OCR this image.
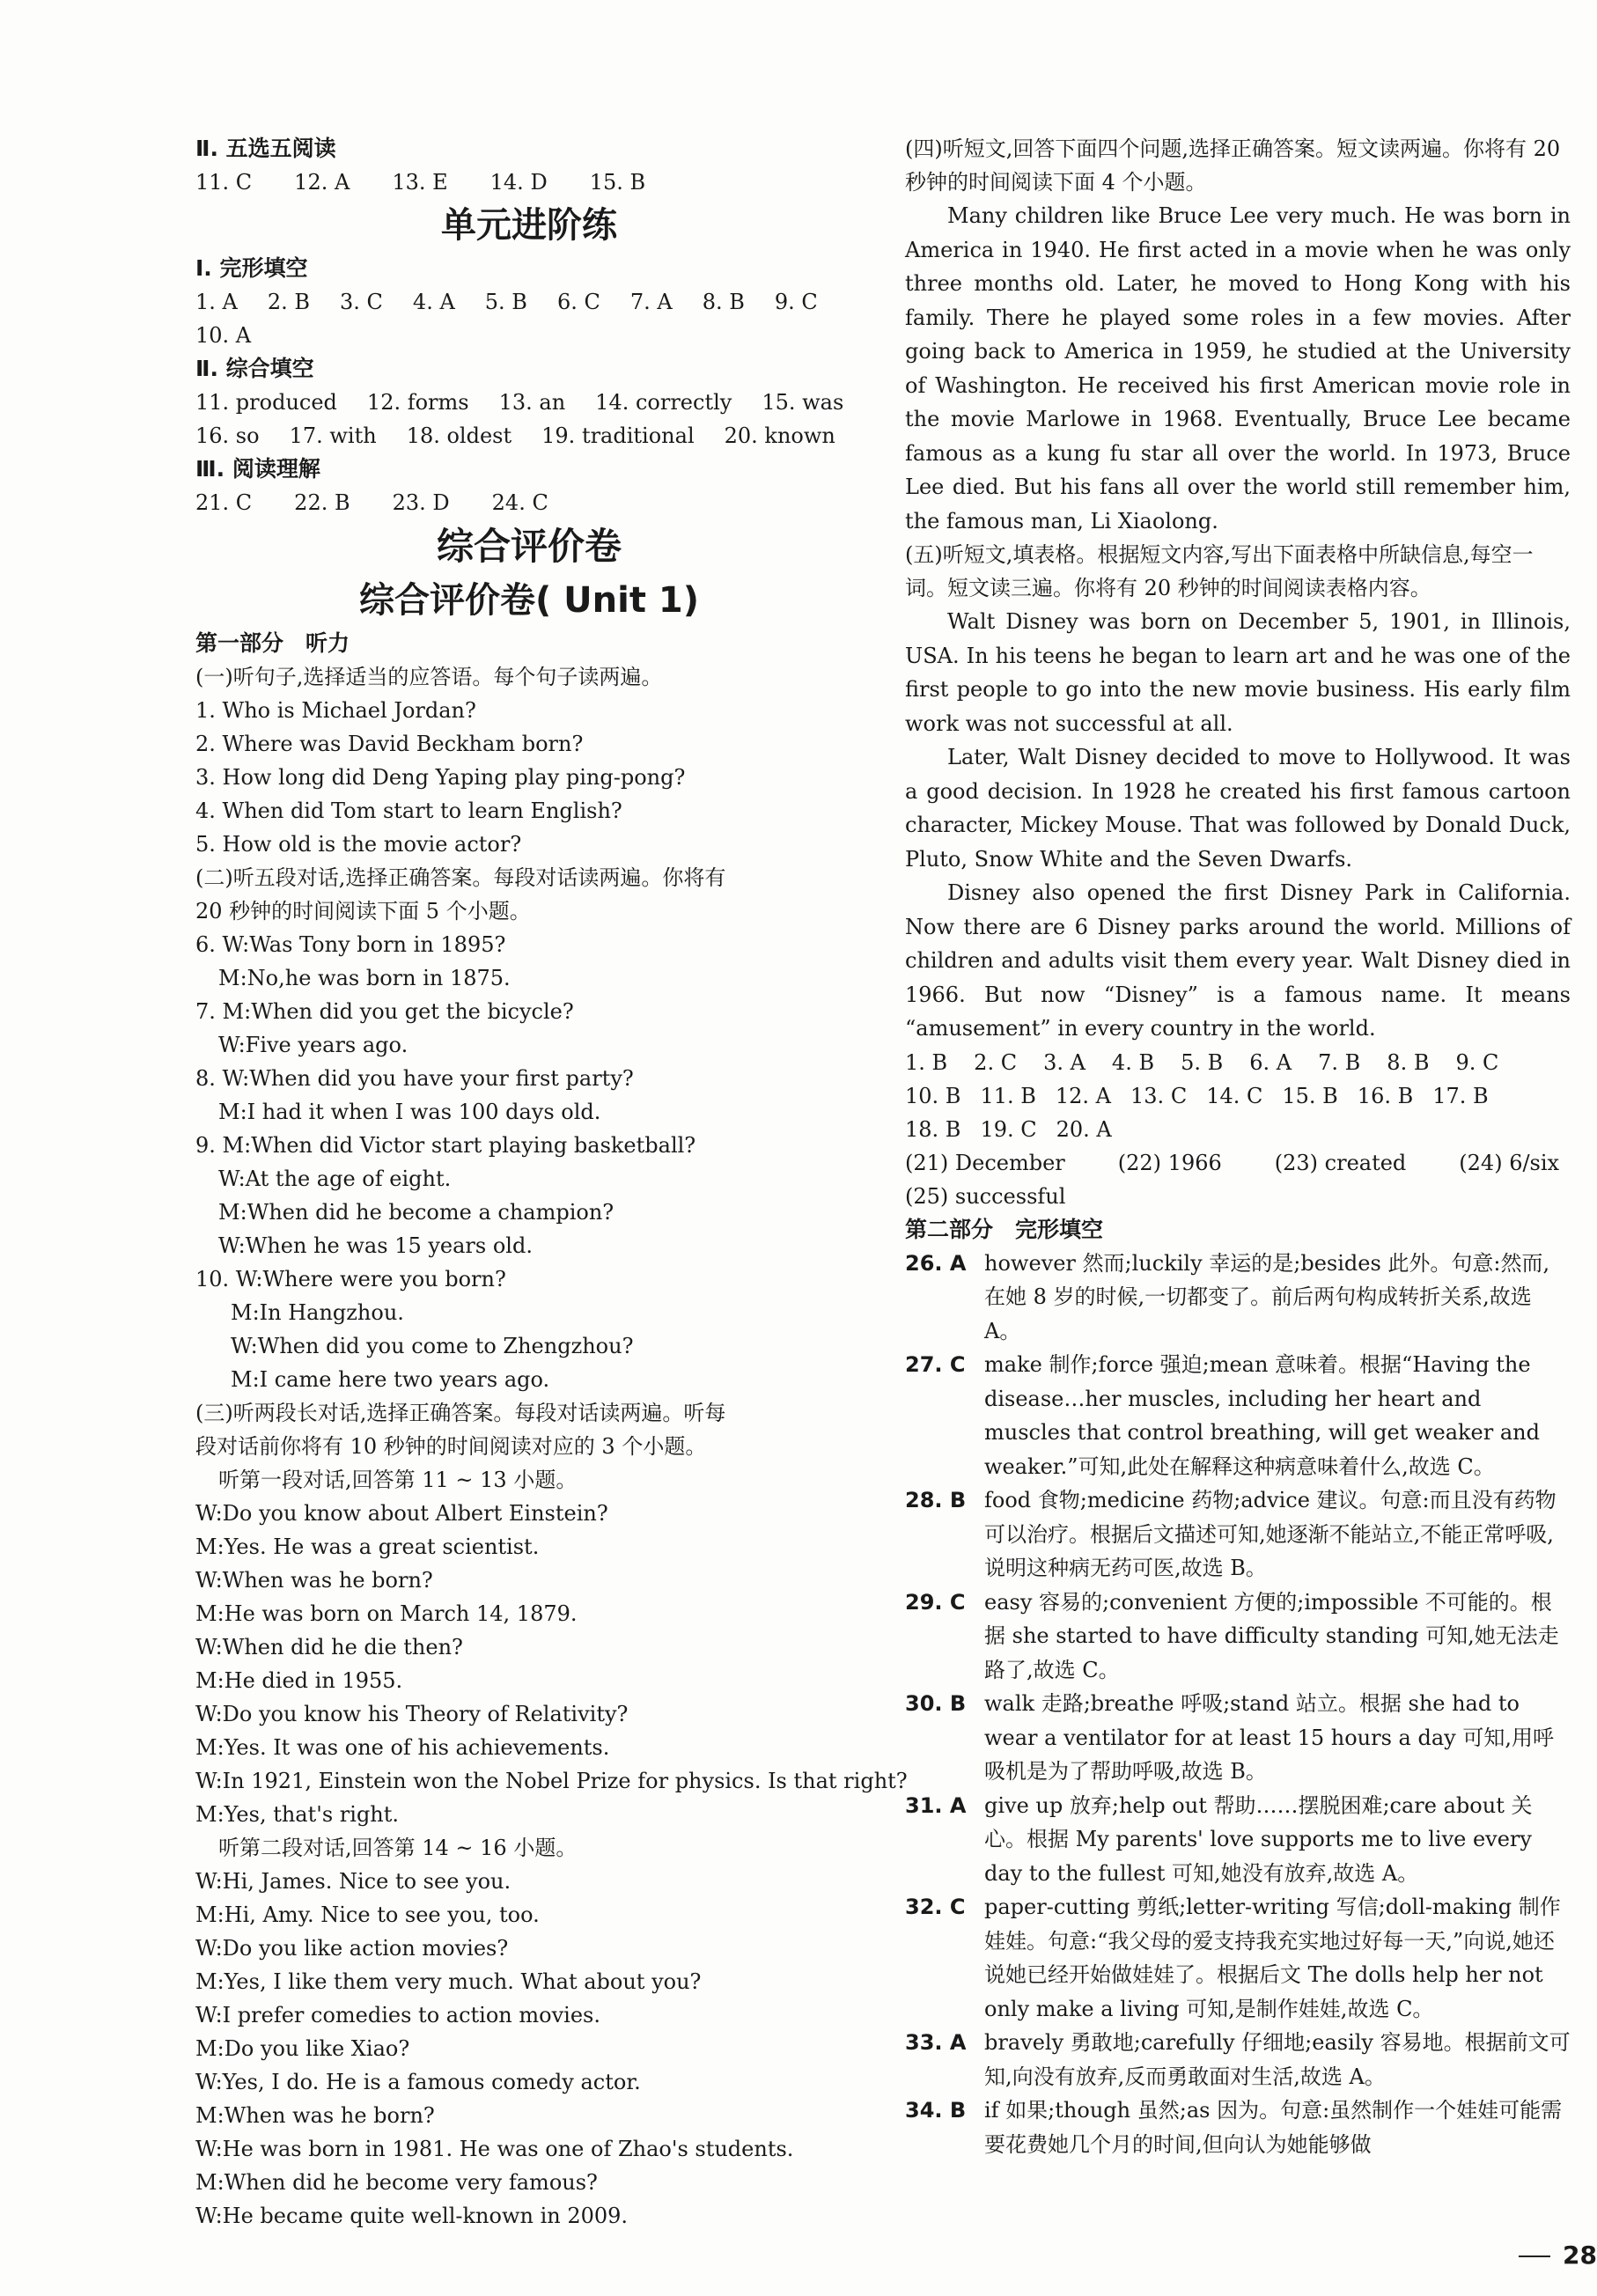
Ⅱ. 五选五阅读
11. C 12. A 13. E 14. D 15. B
单元进阶练
Ⅰ. 完形填空
1. A 2. B 3. C 4. A 5. B 6. C 7. A 8. B 9. C
10. A
Ⅱ. 综合填空
11. produced 12. forms 13. an 14. correctly 15. was
16. so 17. with 18. oldest 19. traditional 20. known
Ⅲ. 阅读理解
21. C 22. B 23. D 24. C
综合评价卷
综合评价卷( Unit 1)
第一部分　听力
(一)听句子,选择适当的应答语。每个句子读两遍。
1. Who is Michael Jordan?
2. Where was David Beckham born?
3. How long did Deng Yaping play ping-pong?
4. When did Tom start to learn English?
5. How old is the movie actor?
(二)听五段对话,选择正确答案。每段对话读两遍。你将有
20 秒钟的时间阅读下面 5 个小题。
6. W:Was Tony born in 1895?
M:No,he was born in 1875.
7. M:When did you get the bicycle?
W:Five years ago.
8. W:When did you have your first party?
M:I had it when I was 100 days old.
9. M:When did Victor start playing basketball?
W:At the age of eight.
M:When did he become a champion?
W:When he was 15 years old.
10. W:Where were you born?
M:In Hangzhou.
W:When did you come to Zhengzhou?
M:I came here two years ago.
(三)听两段长对话,选择正确答案。每段对话读两遍。听每
段对话前你将有 10 秒钟的时间阅读对应的 3 个小题。
听第一段对话,回答第 11 ~ 13 小题。
W:Do you know about Albert Einstein?
M:Yes. He was a great scientist.
W:When was he born?
M:He was born on March 14, 1879.
W:When did he die then?
M:He died in 1955.
W:Do you know his Theory of Relativity?
M:Yes. It was one of his achievements.
W:In 1921, Einstein won the Nobel Prize for physics. Is that right?
M:Yes, that's right.
听第二段对话,回答第 14 ~ 16 小题。
W:Hi, James. Nice to see you.
M:Hi, Amy. Nice to see you, too.
W:Do you like action movies?
M:Yes, I like them very much. What about you?
W:I prefer comedies to action movies.
M:Do you like Xiao?
W:Yes, I do. He is a famous comedy actor.
M:When was he born?
W:He was born in 1981. He was one of Zhao's students.
M:When did he become very famous?
W:He became quite well-known in 2009.
(四)听短文,回答下面四个问题,选择正确答案。短文读两遍。你将有 20 秒钟的时间阅读下面 4 个小题。
Many children like Bruce Lee very much. He was born in America in 1940. He first acted in a movie when he was only three months old. Later, he moved to Hong Kong with his family. There he played some roles in a few movies. After going back to America in 1959, he studied at the University of Washington. He received his first American movie role in the movie Marlowe in 1968. Eventually, Bruce Lee became famous as a kung fu star all over the world. In 1973, Bruce Lee died. But his fans all over the world still remember him, the famous man, Li Xiaolong.
(五)听短文,填表格。根据短文内容,写出下面表格中所缺信息,每空一词。短文读三遍。你将有 20 秒钟的时间阅读表格内容。
Walt Disney was born on December 5, 1901, in Illinois, USA. In his teens he began to learn art and he was one of the first people to go into the new movie business. His early film work was not successful at all.
Later, Walt Disney decided to move to Hollywood. It was a good decision. In 1928 he created his first famous cartoon character, Mickey Mouse. That was followed by Donald Duck, Pluto, Snow White and the Seven Dwarfs.
Disney also opened the first Disney Park in California. Now there are 6 Disney parks around the world. Millions of children and adults visit them every year. Walt Disney died in 1966. But now “Disney” is a famous name. It means “amusement” in every country in the world.
1. B 2. C 3. A 4. B 5. B 6. A 7. B 8. B 9. C
10. B 11. B 12. A 13. C 14. C 15. B 16. B 17. B
18. B 19. C 20. A
(21) December	(22) 1966	(23) created	(24) 6/six
(25) successful
第二部分　完形填空
26. A however 然而;luckily 幸运的是;besides 此外。句意:然而,在她 8 岁的时候,一切都变了。前后两句构成转折关系,故选 A。
27. C make 制作;force 强迫;mean 意味着。根据“Having the disease…her muscles, including her heart and muscles that control breathing, will get weaker and weaker.”可知,此处在解释这种病意味着什么,故选 C。
28. B food 食物;medicine 药物;advice 建议。句意:而且没有药物可以治疗。根据后文描述可知,她逐渐不能站立,不能正常呼吸,说明这种病无药可医,故选 B。
29. C easy 容易的;convenient 方便的;impossible 不可能的。根据 she started to have difficulty standing 可知,她无法走路了,故选 C。
30. B walk 走路;breathe 呼吸;stand 站立。根据 she had to wear a ventilator for at least 15 hours a day 可知,用呼吸机是为了帮助呼吸,故选 B。
31. A give up 放弃;help out 帮助……摆脱困难;care about 关心。根据 My parents' love supports me to live every day to the fullest 可知,她没有放弃,故选 A。
32. C paper-cutting 剪纸;letter-writing 写信;doll-making 制作娃娃。句意:“我父母的爱支持我充实地过好每一天,”向说,她还说她已经开始做娃娃了。根据后文 The dolls help her not only make a living 可知,是制作娃娃,故选 C。
33. A bravely 勇敢地;carefully 仔细地;easily 容易地。根据前文可知,向没有放弃,反而勇敢面对生活,故选 A。
34. B if 如果;though 虽然;as 因为。句意:虽然制作一个娃娃可能需要花费她几个月的时间,但向认为她能够做
28
